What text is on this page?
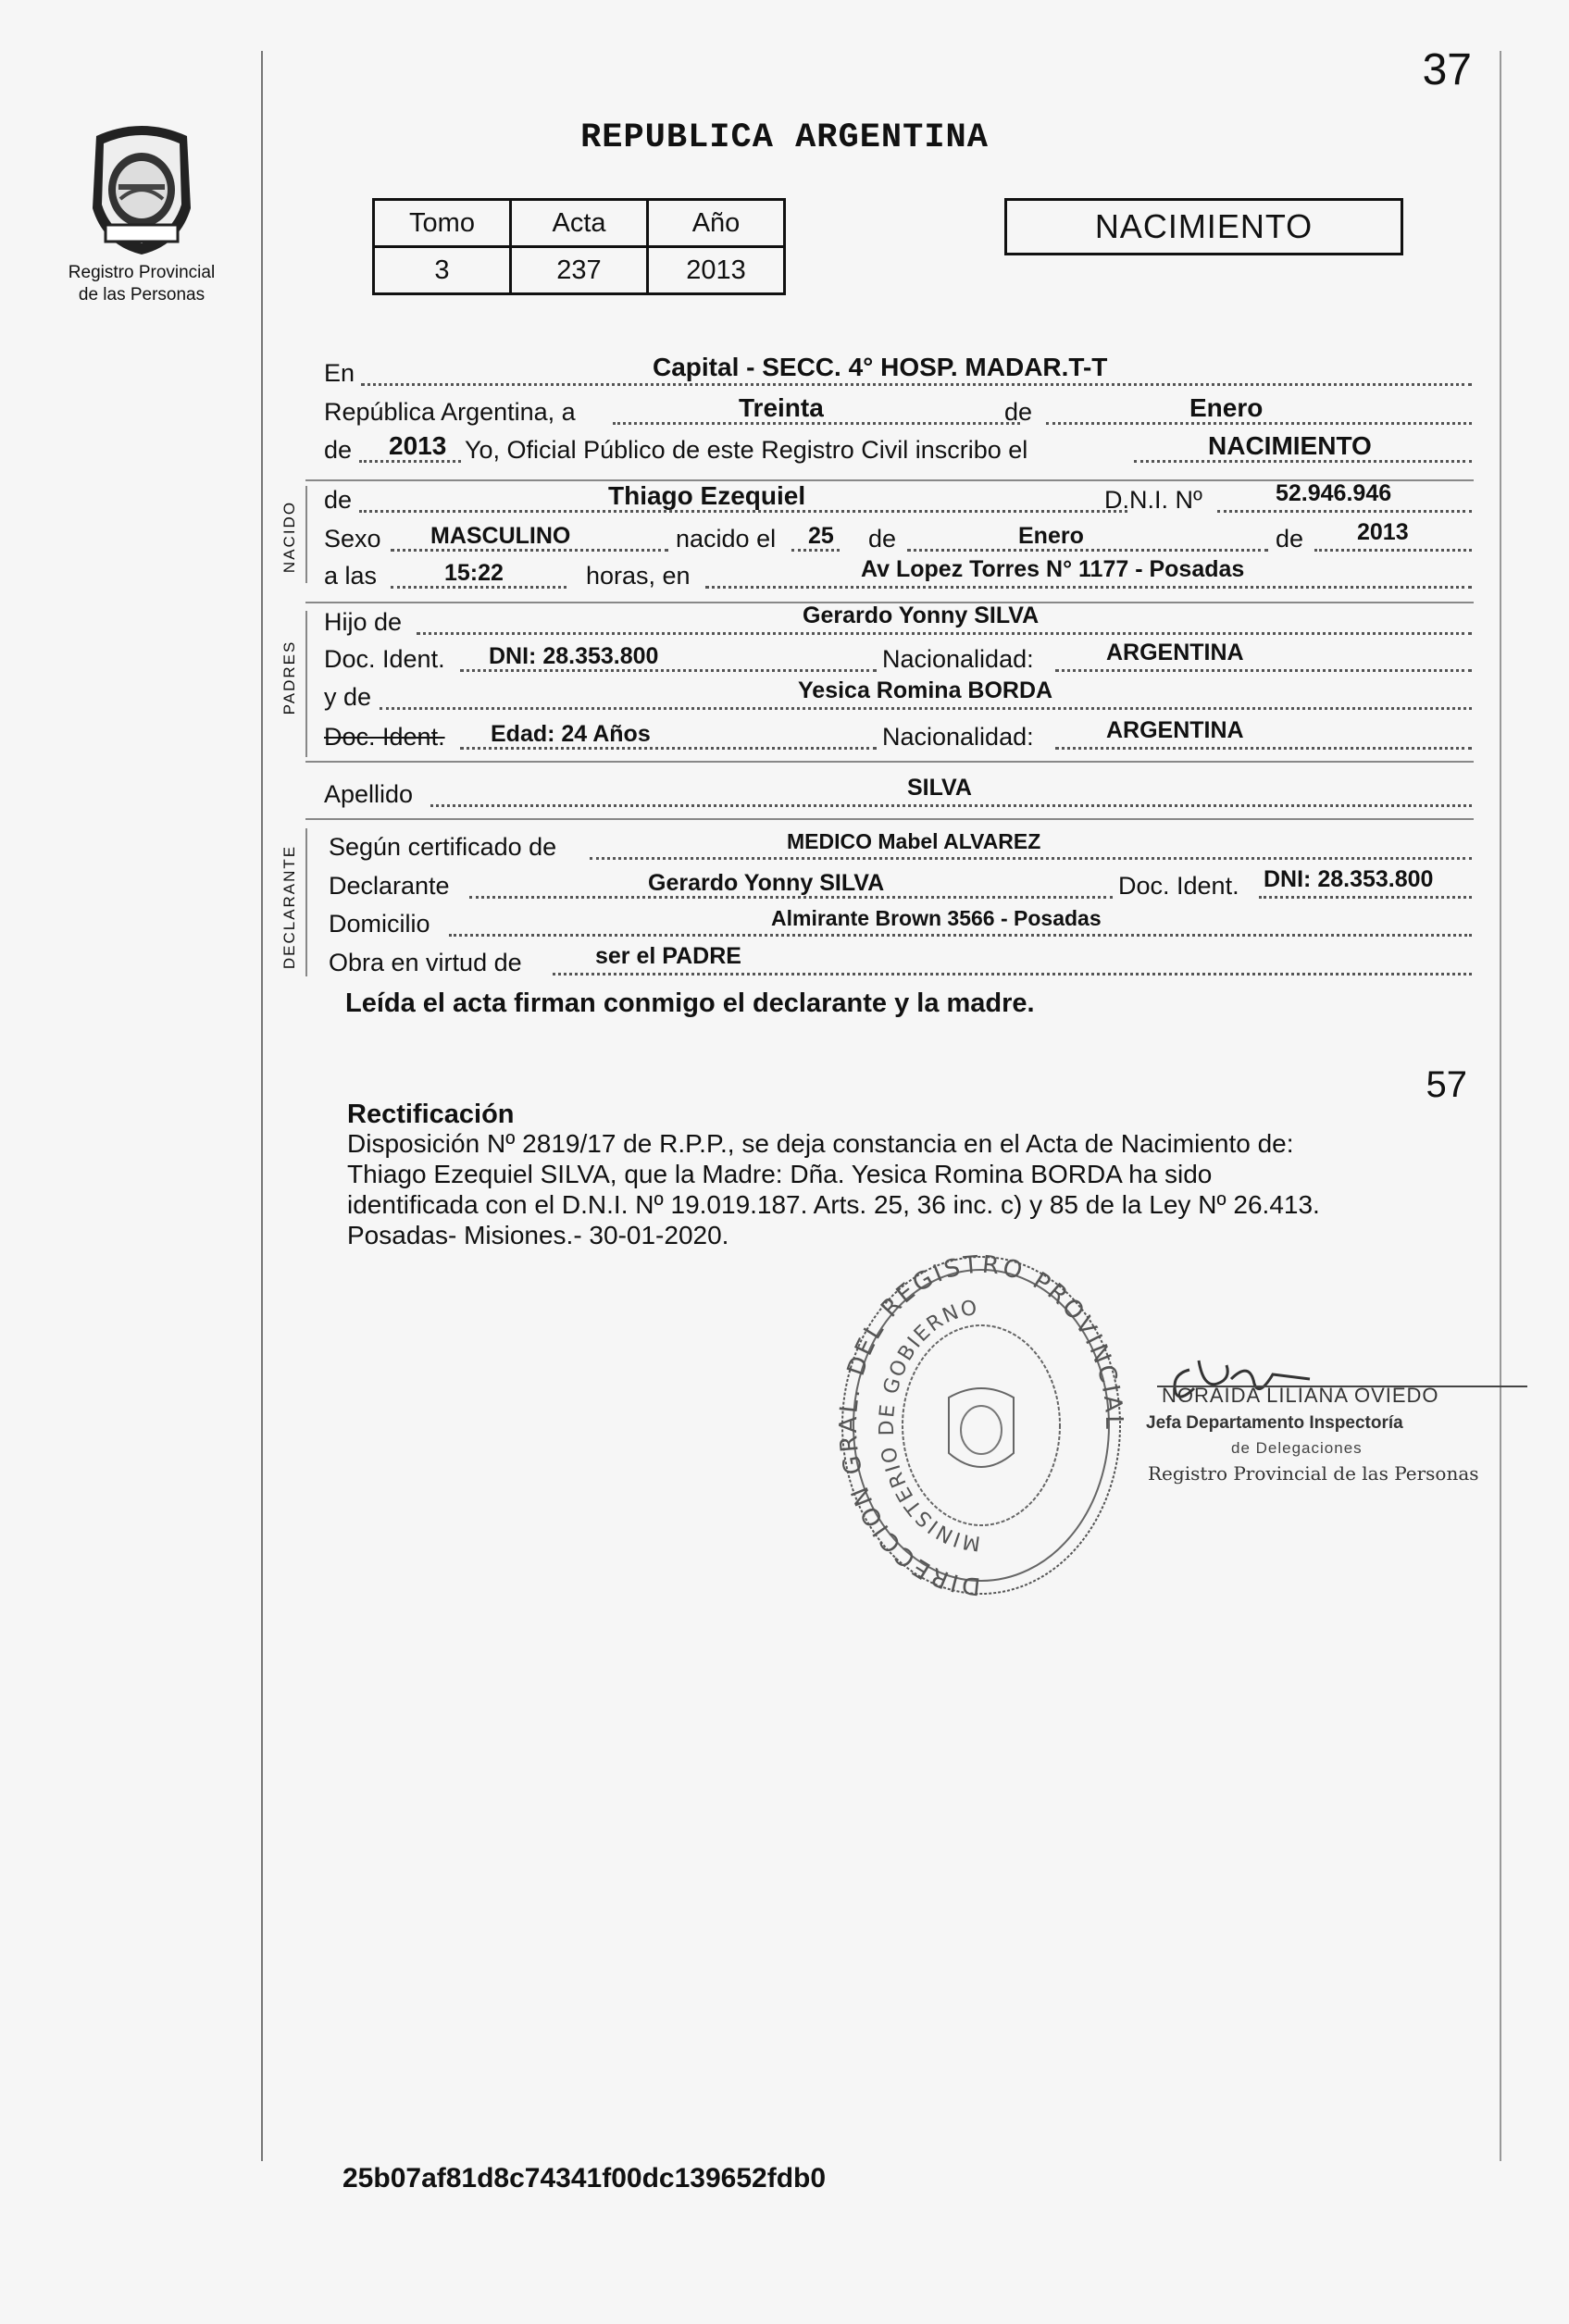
37
Registro Provincial
de las Personas
REPUBLICA ARGENTINA
Tomo	Acta	Año
3	237	2013
NACIMIENTO
En	Capital - SECC. 4° HOSP. MADAR.T-T
República Argentina, a	Treinta	de	Enero
de 2013 Yo, Oficial Público de este Registro Civil inscribo el	NACIMIENTO
NACIDO
de	Thiago Ezequiel	D.N.I. Nº	52.946.946
Sexo MASCULINO	nacido el 25 de	Enero	de 2013
a las	15:22	horas, en	Av Lopez Torres N° 1177 - Posadas
PADRES
Hijo de	Gerardo Yonny SILVA
Doc. Ident. DNI: 28.353.800	Nacionalidad:	ARGENTINA
y de	Yesica Romina BORDA
Doc. Ident. Edad: 24 Años	Nacionalidad:	ARGENTINA
Apellido	SILVA
DECLARANTE Según certificado de	MEDICO Mabel ALVAREZ
Declarante	Gerardo Yonny SILVA	Doc. Ident. DNI: 28.353.800
Domicilio	Almirante Brown 3566 - Posadas
Obra en virtud de	ser el PADRE
Leída el acta firman conmigo el declarante y la madre.
57
Rectificación
Disposición Nº 2819/17 de R.P.P., se deja constancia en el Acta de Nacimiento de:
Thiago Ezequiel SILVA, que la Madre: Dña. Yesica Romina BORDA ha sido
identificada con el D.N.I. Nº 19.019.187. Arts. 25, 36 inc. c) y 85 de la Ley Nº 26.413.
Posadas- Misiones.- 30-01-2020.
DIRECCION GRAL. DEL REGISTRO PROVINCIAL
MINISTERIO DE GOBIERNO
NORAIDA LILIANA OVIEDO
Jefa Departamento Inspectoría
de Delegaciones
Registro Provincial de las Personas
25b07af81d8c74341f00dc139652fdb0
